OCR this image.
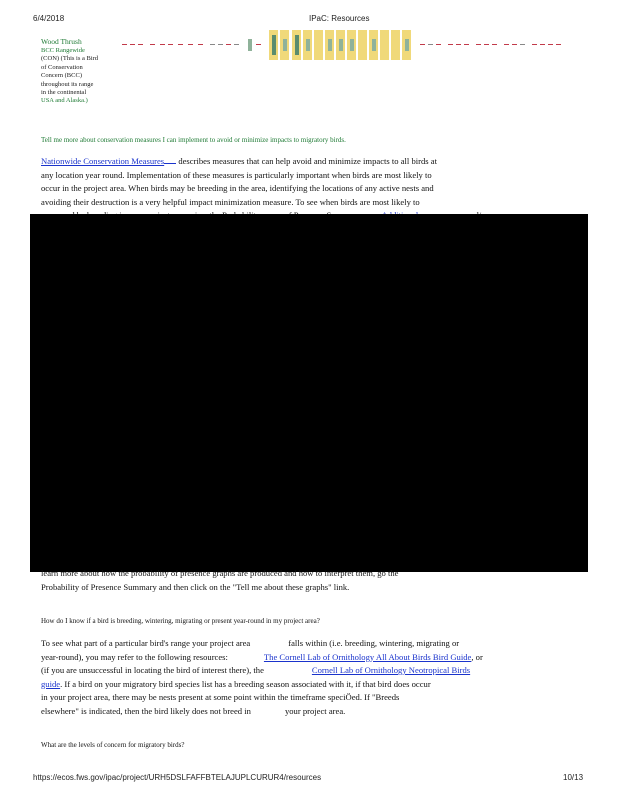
6/4/2018	IPaC: Resources
Wood Thrush
BCC Rangewide
(CON) (This is a Bird
of Conservation
Concern (BCC)
throughout its range
in the continental
USA and Alaska.)
Tell me more about conservation measures I can implement to avoid or minimize impacts to migratory birds.
Nationwide Conservation Measures describes measures that can help avoid and minimize impacts to all birds at
any location year round. Implementation of these measures is particularly important when birds are most likely to
occur in the project area. When birds may be breeding in the area, identifying the locations of any active nests and
avoiding their destruction is a very helpful impact minimization measure. To see when birds are most likely to
learn more about how the probability of presence graphs are produced and how to interpret them, go the
Probability of Presence Summary and then click on the "Tell me about these graphs" link.
How do I know if a bird is breeding, wintering, migrating or present year-round in my project area?
To see what part of a particular bird's range your project area	falls within (i.e. breeding, wintering, migrating or
year-round), you may refer to the following resources:	The Cornell Lab of Ornithology All About Birds Bird Guide, or
(if you are unsuccessful in locating the bird of interest there), the	Cornell Lab of Ornithology Neotropical Birds
guide. If a bird on your migratory bird species list has a breeding season associated with it, if that bird does occur
in your project area, there may be nests present at some point within the timeframe speciÖed. If "Breeds
elsewhere" is indicated, then the bird likely does not breed in	your project area.
What are the levels of concern for migratory birds?
https://ecos.fws.gov/ipac/project/URH5DSLFAFFBTELAJUPLCURUR4/resources	10/13
